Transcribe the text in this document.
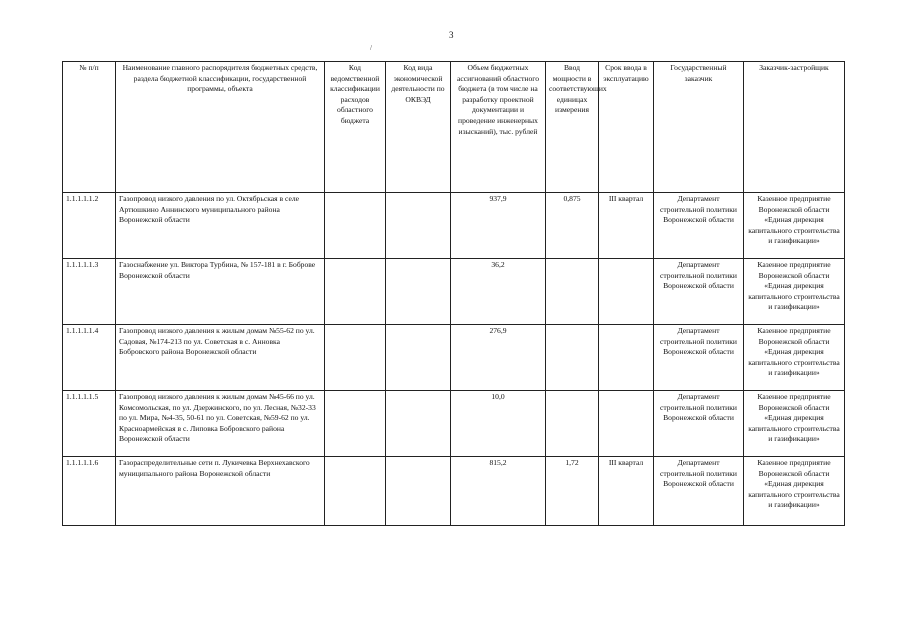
3
/
№ п/п	Наименование главного распорядителя бюджетных средств, раздела бюджетной классификации, государственной программы, объекта	Код ведомственной классификации расходов областного бюджета	Код вида экономической деятельности по ОКВЭД	Объем бюджетных ассигнований областного бюджета (в том числе на разработку проектной документации и проведение инженерных изысканий), тыс. рублей	Ввод мощности в соответствующих единицах измерения	Срок ввода в эксплуатацию	Государственный заказчик	Заказчик-застройщик
1.1.1.1.1.2	Газопровод низкого давления по ул. Октябрьская в селе Артюшкино Аннинского муниципального района Воронежской области			937,9	0,875	III квартал	Департамент строительной политики Воронежской области	Казенное предприятие Воронежской области «Единая дирекция капитального строительства и газификации»
1.1.1.1.1.3	Газоснабжение ул. Виктора Турбина, № 157-181 в г. Боброве Воронежской области			36,2			Департамент строительной политики Воронежской области	Казенное предприятие Воронежской области «Единая дирекция капитального строительства и газификации»
1.1.1.1.1.4	Газопровод низкого давления к жилым домам №55-62 по ул. Садовая, №174-213 по ул. Советская в с. Анновка Бобровского района Воронежской области			276,9			Департамент строительной политики Воронежской области	Казенное предприятие Воронежской области «Единая дирекция капитального строительства и газификации»
1.1.1.1.1.5	Газопровод низкого давления к жилым домам №45-66 по ул. Комсомольская, по ул. Дзержинского, по ул. Лесная, №32-33 по ул. Мира, №4-35, 50-61 по ул. Советская, №59-62 по ул. Красноармейская в с. Липовка Бобровского района Воронежской области			10,0			Департамент строительной политики Воронежской области	Казенное предприятие Воронежской области «Единая дирекция капитального строительства и газификации»
1.1.1.1.1.6	Газораспределительные сети п. Лукичевка Верхнехавского муниципального района Воронежской области			815,2	1,72	III квартал	Департамент строительной политики Воронежской области	Казенное предприятие Воронежской области «Единая дирекция капитального строительства и газификации»
